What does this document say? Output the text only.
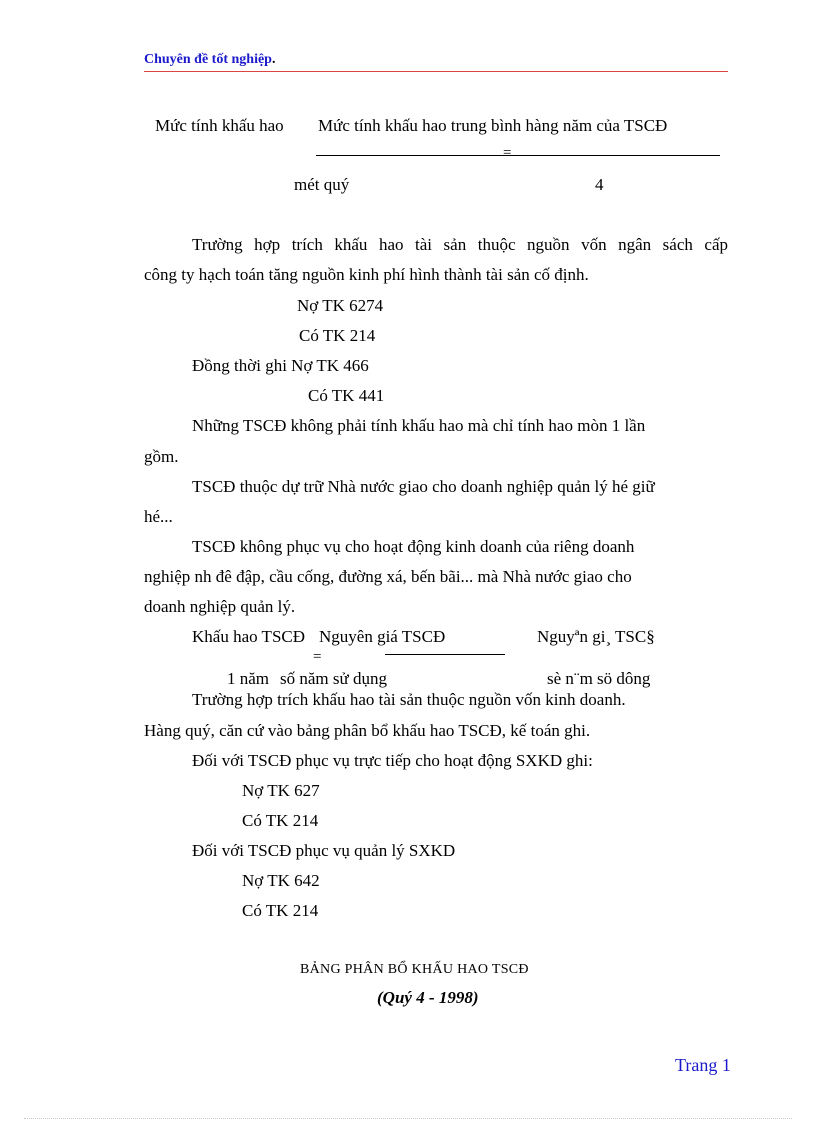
Chuyên đề tốt nghiệp.
Mức tính khấu hao Mức tính khấu hao trung bình hàng năm của TSCĐ
=
mét quý	4
Trường hợp trích khấu hao tài sản thuộc nguồn vốn ngân sách cấp
công ty hạch toán tăng nguồn kinh phí hình thành tài sản cố định.
Nợ TK 6274
Có TK 214
Đồng thời ghi Nợ TK 466
Có TK 441
Những TSCĐ không phải tính khấu hao mà chỉ tính hao mòn 1 lần
gồm.
TSCĐ thuộc dự trữ Nhà nước giao cho doanh nghiệp quản lý hé giữ
hé...
TSCĐ không phục vụ cho hoạt động kinh doanh của riêng doanh
nghiệp nh đê đập, cầu cống, đường xá, bến bãi... mà Nhà nước giao cho
doanh nghiệp quản lý.
Khấu hao TSCĐ Nguyên giá TSCĐ	Nguyªn gi¸ TSC§
=
1 năm số năm sử dụng	sè n¨m sö dông
Trường hợp trích khấu hao tài sản thuộc nguồn vốn kinh doanh.
Hàng quý, căn cứ vào bảng phân bổ khấu hao TSCĐ, kế toán ghi.
Đối với TSCĐ phục vụ trực tiếp cho hoạt động SXKD ghi:
Nợ TK 627
Có TK 214
Đối với TSCĐ phục vụ quản lý SXKD
Nợ TK 642
Có TK 214
BẢNG PHÂN BỔ KHẤU HAO TSCĐ
(Quý 4 - 1998)
Trang 1
